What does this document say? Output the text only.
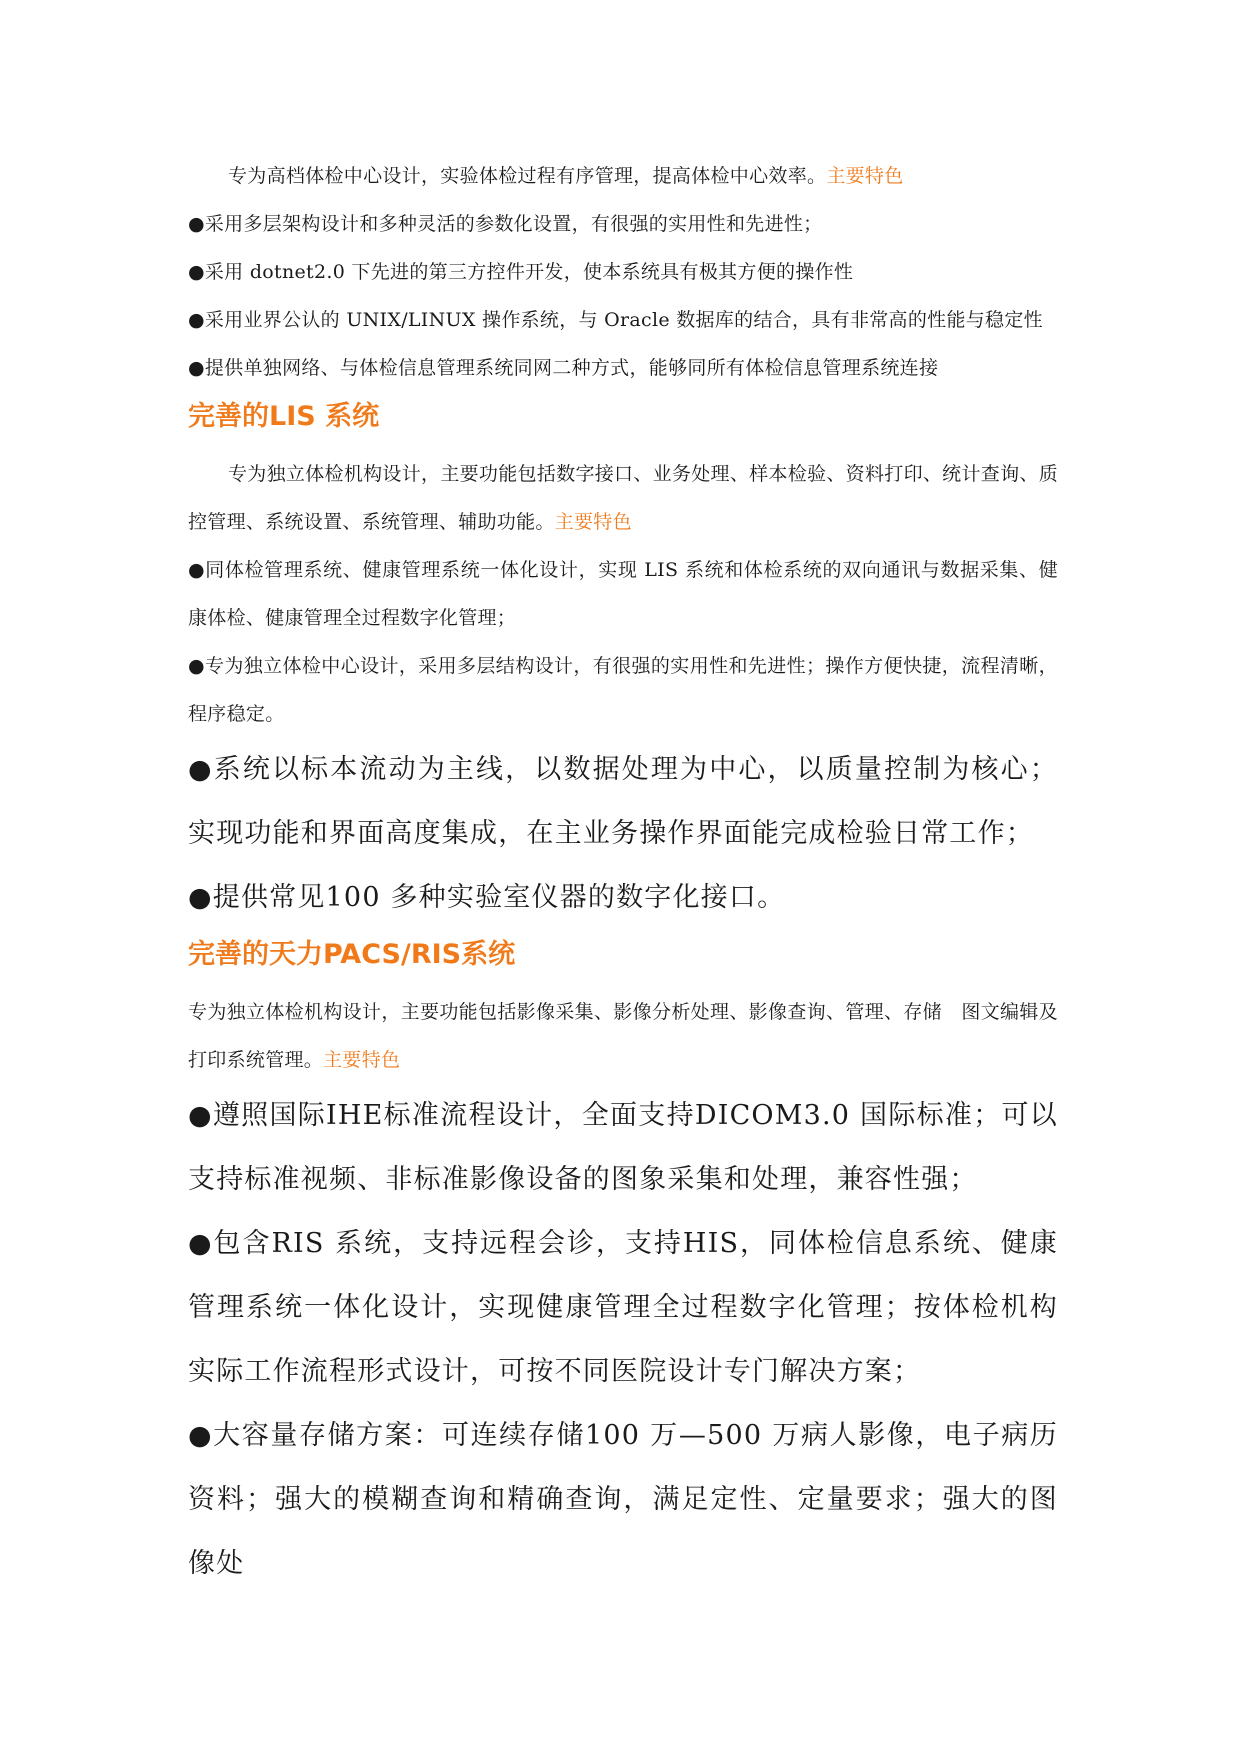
专为高档体检中心设计，实验体检过程有序管理，提高体检中心效率。主要特色

●采用多层架构设计和多种灵活的参数化设置，有很强的实用性和先进性；

●采用 dotnet2.0 下先进的第三方控件开发，使本系统具有极其方便的操作性

●采用业界公认的 UNIX/LINUX 操作系统，与 Oracle 数据库的结合，具有非常高的性能与稳定性

●提供单独网络、与体检信息管理系统同网二种方式，能够同所有体检信息管理系统连接

完善的LIS 系统

专为独立体检机构设计，主要功能包括数字接口、业务处理、样本检验、资料打印、统计查询、质控管理、系统设置、系统管理、辅助功能。主要特色

●同体检管理系统、健康管理系统一体化设计，实现 LIS 系统和体检系统的双向通讯与数据采集、健康体检、健康管理全过程数字化管理；

●专为独立体检中心设计，采用多层结构设计，有很强的实用性和先进性；操作方便快捷，流程清晰，程序稳定。

●系统以标本流动为主线，以数据处理为中心，以质量控制为核心；实现功能和界面高度集成，在主业务操作界面能完成检验日常工作；

●提供常见100 多种实验室仪器的数字化接口。

完善的天力PACS/RIS系统

专为独立体检机构设计，主要功能包括影像采集、影像分析处理、影像查询、管理、存储　图文编辑及打印系统管理。主要特色

●遵照国际IHE标准流程设计，全面支持DICOM3.0 国际标准；可以支持标准视频、非标准影像设备的图象采集和处理，兼容性强；

●包含RIS 系统，支持远程会诊，支持HIS，同体检信息系统、健康管理系统一体化设计，实现健康管理全过程数字化管理；按体检机构实际工作流程形式设计，可按不同医院设计专门解决方案；

●大容量存储方案：可连续存储100 万—500 万病人影像，电子病历资料；强大的模糊查询和精确查询，满足定性、定量要求；强大的图像处
